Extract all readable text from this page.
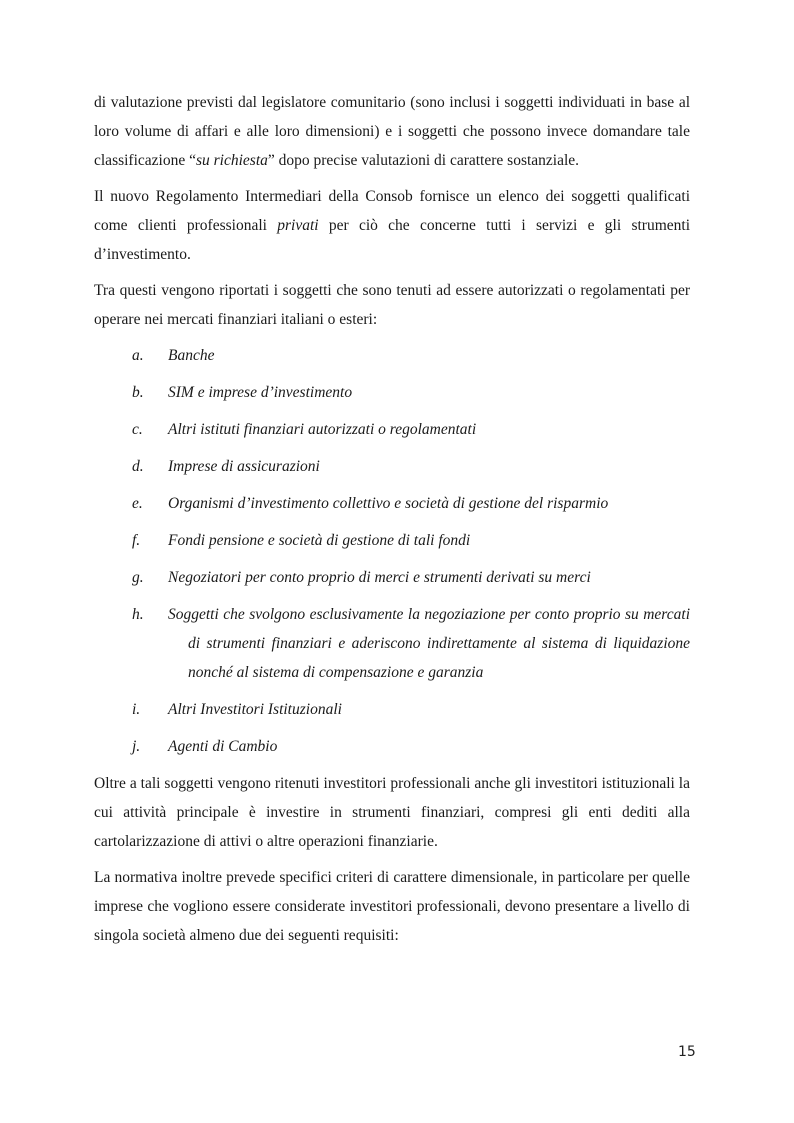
di valutazione previsti dal legislatore comunitario (sono inclusi i soggetti individuati in base al loro volume di affari e alle loro dimensioni) e i soggetti che possono invece domandare tale classificazione “su richiesta” dopo precise valutazioni di carattere sostanziale.

Il nuovo Regolamento Intermediari della Consob fornisce un elenco dei soggetti qualificati come clienti professionali privati per ciò che concerne tutti i servizi e gli strumenti d’investimento.

Tra questi vengono riportati i soggetti che sono tenuti ad essere autorizzati o regolamentati per operare nei mercati finanziari italiani o esteri:

a.	Banche
b.	SIM e imprese d’investimento
c.	Altri istituti finanziari autorizzati o regolamentati
d.	Imprese di assicurazioni
e.	Organismi d’investimento collettivo e società di gestione del risparmio
f.	Fondi pensione e società di gestione di tali fondi
g.	Negoziatori per conto proprio di merci e strumenti derivati su merci
h.	Soggetti che svolgono esclusivamente la negoziazione per conto proprio su mercati di strumenti finanziari e aderiscono indirettamente al sistema di liquidazione nonché al sistema di compensazione e garanzia
i.	Altri Investitori Istituzionali
j.	Agenti di Cambio

Oltre a tali soggetti vengono ritenuti investitori professionali anche gli investitori istituzionali la cui attività principale è investire in strumenti finanziari, compresi gli enti dediti alla cartolarizzazione di attivi o altre operazioni finanziarie.

La normativa inoltre prevede specifici criteri di carattere dimensionale, in particolare per quelle imprese che vogliono essere considerate investitori professionali, devono presentare a livello di singola società almeno due dei seguenti requisiti:

15
